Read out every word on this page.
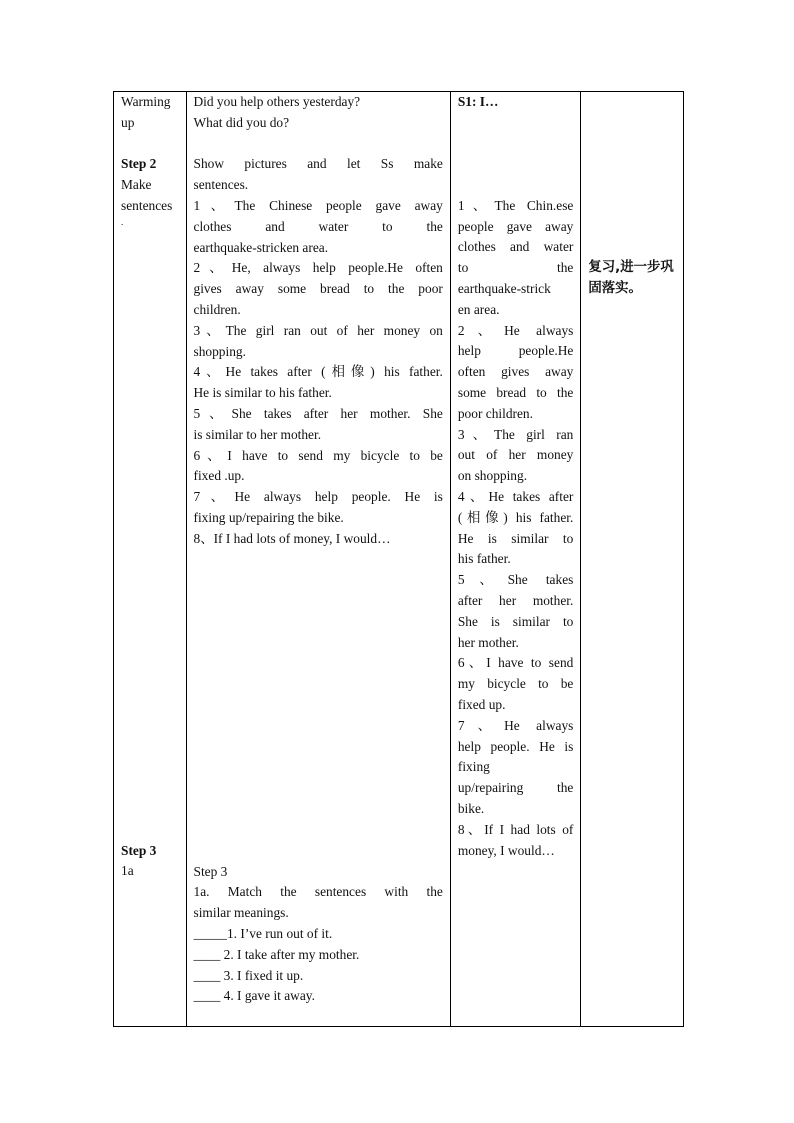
Warming
up
Step 2
Make
sentences
.
Step 3
1a

Did you help others yesterday?
What did you do?
Show pictures and let Ss make
sentences.
1、The Chinese people gave away
clothes and water to the
earthquake-stricken area.
2、He, always help people.He often
gives away some bread to the poor
children.
3、The girl ran out of her money on
shopping.
4、He takes after (相像) his father.
He is similar to his father.
5、She takes after her mother. She
is similar to her mother.
6、I have to send my bicycle to be
fixed .up.
7、He always help people. He is
fixing up/repairing the bike.
8、If I had lots of money, I would…
Step 3
1a. Match the sentences with the
similar meanings.
_____1. I’ve run out of it.
____ 2. I take after my mother.
____ 3. I fixed it up.
____ 4. I gave it away.

S1: I…
1、The Chin.ese
people gave away
clothes and water
to the
earthquake-strick
en area.
2、He always
help people.He
often gives away
some bread to the
poor children.
3、The girl ran
out of her money
on shopping.
4、He takes after
(相像) his father.
He is similar to
his father.
5、She takes
after her mother.
She is similar to
her mother.
6、I have to send
my bicycle to be
fixed up.
7、He always
help people. He is
fixing
up/repairing the
bike.
8、If I had lots of
money, I would…

复习,进一步巩
固落实。
